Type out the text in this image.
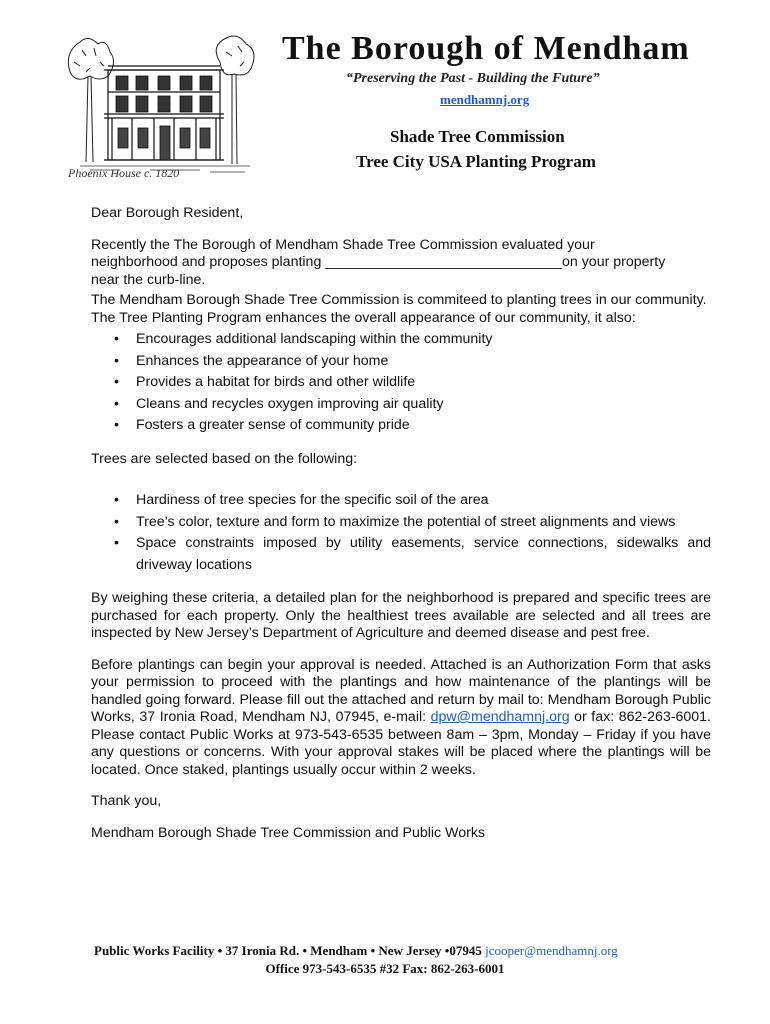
Phoenix House c. 1820
The Borough of Mendham
“Preserving the Past - Building the Future”
mendhamnj.org
Shade Tree Commission
Tree City USA Planting Program

Dear Borough Resident,

Recently the The Borough of Mendham Shade Tree Commission evaluated your

neighborhood and proposes planting ______________________________on your property

near the curb-line.

The Mendham Borough Shade Tree Commission is commiteed to planting trees in our community. The Tree Planting Program enhances the overall appearance of our community, it also:

• Encourages additional landscaping within the community
• Enhances the appearance of your home
• Provides a habitat for birds and other wildlife
• Cleans and recycles oxygen improving air quality
• Fosters a greater sense of community pride

Trees are selected based on the following:

• Hardiness of tree species for the specific soil of the area
• Tree’s color, texture and form to maximize the potential of street alignments and views
• Space constraints imposed by utility easements, service connections, sidewalks and driveway locations

By weighing these criteria, a detailed plan for the neighborhood is prepared and specific trees are purchased for each property. Only the healthiest trees available are selected and all trees are inspected by New Jersey’s Department of Agriculture and deemed disease and pest free.

Before plantings can begin your approval is needed. Attached is an Authorization Form that asks your permission to proceed with the plantings and how maintenance of the plantings will be handled going forward. Please fill out the attached and return by mail to: Mendham Borough Public Works, 37 Ironia Road, Mendham NJ, 07945, e-mail: dpw@mendhamnj.org or fax: 862-263-6001. Please contact Public Works at 973-543-6535 between 8am – 3pm, Monday – Friday if you have any questions or concerns. With your approval stakes will be placed where the plantings will be located. Once staked, plantings usually occur within 2 weeks.

Thank you,

Mendham Borough Shade Tree Commission and Public Works

Public Works Facility • 37 Ironia Rd. • Mendham • New Jersey •07945 jcooper@mendhamnj.org
Office 973-543-6535 #32 Fax: 862-263-6001
